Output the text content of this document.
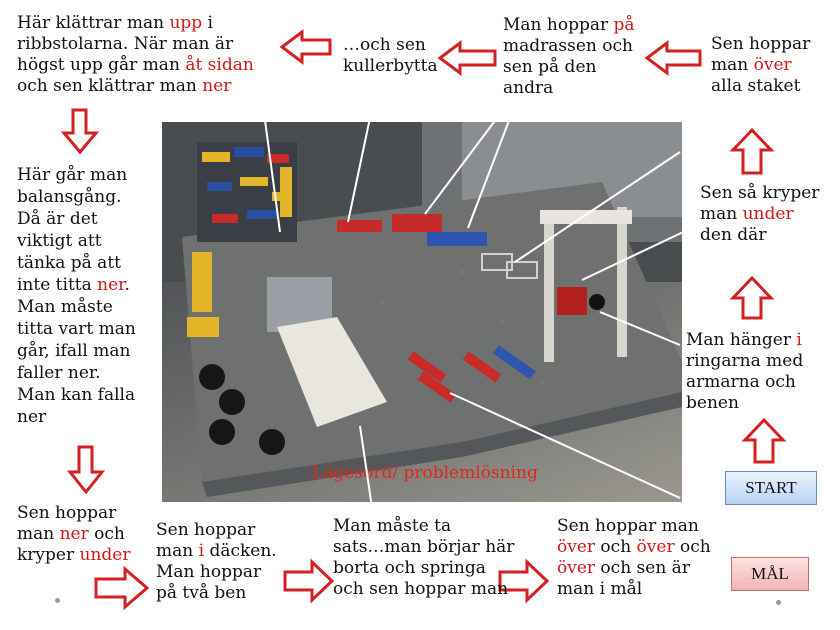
Lägesord/ problemlösning
Här klättrar man upp i
ribbstolarna. När man är
högst upp går man åt sidan
och sen klättrar man ner
…och sen
kullerbytta
Man hoppar på
madrassen och
sen på den
andra
Sen hoppar
man över
alla staket
Här går man
balansgång.
Då är det
viktigt att
tänka på att
inte titta ner.
Man måste
titta vart man
går, ifall man
faller ner.
Man kan falla
ner
Sen så kryper
man under
den där
Man hänger i
ringarna med
armarna och
benen
Sen hoppar
man ner och
kryper under
Sen hoppar
man i däcken.
Man hoppar
på två ben
Man måste ta
sats…man börjar här
borta och springa
och sen hoppar man
Sen hoppar man
över och över och
över och sen är
man i mål
START
MÅL
